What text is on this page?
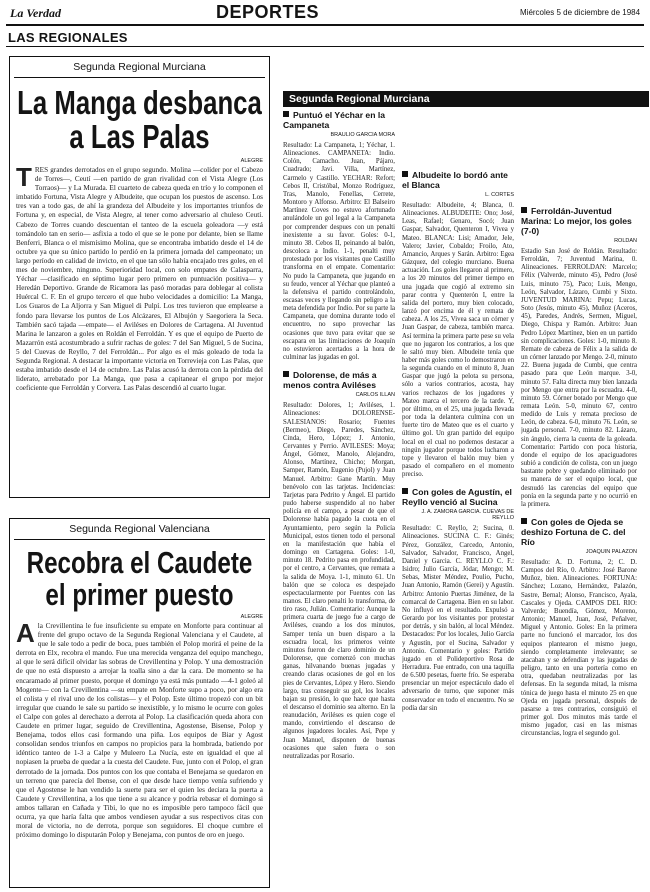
La Verdad	DEPORTES	Miércoles 5 de diciembre de 1984
LAS REGIONALES
Segunda Regional Murciana
La Manga desbanca
a Las Palas
ALEGRE
TRES grandes derrotados en el grupo segundo. Molina —colíder por el Cabezo de Torres—, Ceutí —en partido de gran rivalidad con el Vista Alegre (Los Torraos)— y La Murada. El cuarteto de cabeza queda en trío y lo componen el imbatido Fortuna, Vista Alegre y Albudeite, que ocupan los puestos de ascenso. Los tres van a todo gas, de ahí la grandeza del Albudeite y los importantes triunfos de Fortuna y, en especial, de Vista Alegre, al tener como adversario al chuleso Ceutí. Cabezo de Torres cuando descuentan el tanteo de la escuela goleadora —y está tomándolo tan en serio— asfixia a todo el que se le pone por delante, bien se llame Benferri, Blanca o el mismísimo Molina, que se encontraba imbatido desde el 14 de octubre ya que su único partido lo perdió en la primera jornada del campeonato; un largo período en calidad de invicto, en el que tan sólo había encajado tres goles, en el mes de noviembre, ninguno. Superioridad local, con solo empates de Calasparra, Yéchar —clasificado en séptimo lugar pero primero en puntuación positiva— y Heredán Deportivo. Grande de Ricamora las pasó moradas para doblegar al colista Huércal C. F. En el grupo tercero el que hubo velocidades a domicilio: La Manga, Los Guaros de La Aljorra y San Miguel di Pulpí. Los tres tuvieron que emplearse a fondo para llevarse los puntos de Los Alcázares, El Albujón y Saegoriera la Seca. También sacó tajada —empate— el Aviléses en Dolores de Cartagena. Al Juventud Marina le lanzaron a goles en Roldán el Ferroldán. Y es que el equipo de Puerto de Mazarrón está acostumbrado a sufrir rachas de goles: 7 del San Miguel, 5 de Sucina, 5 del Cuevas de Reyllo, 7 del Ferroldán... Por algo es el más goleado de toda la Segunda Regional. A destacar la importante victoria en Torrevieja con Las Palas, que estaba imbatido desde el 14 de octubre. Las Palas acusó la derrota con la pérdida del liderato, arrebatado por La Manga, que pasa a capitanear el grupo por mejor coeficiente que Ferroldán y Corvera. Las Palas descendió al cuarto lugar.
Segunda Regional Valenciana
Recobra el Caudete
el primer puesto
ALEGRE
Ala Crevillentina le fue insuficiente su empate en Monforte para continuar al frente del grupo octavo de la Segunda Regional Valenciana y el Caudete, al que le sale todo a pedir de boca, pues también el Polop morirá el peine de la derrota en Elx, recobra el mando. Fue una merecida venganza del equipo manchego, al que le será difícil olvidar las sobras de Crevillentina y Polop. Y una demostración de que no está dispuesto a arrojar la toalla sino a dar la cara. De momento se ha encaramado al primer puesto, porque el domingo ya está más puntado —4-1 goleó al Mogente— con la Crevillentina —su empate en Monforte supo a poco, por algo era el colista y el rival uno de los colistas— y el Polop. Este último tropezó con un bit irregular que cuando le sale su partido se inexistible, y lo mismo le ocurre con goles el Calpe con goles al derechazo a derrota al Polop. La clasificación queda ahora con Caudete en primer lugar, seguido de Crevillentina, Agostense, Bisense, Polop y Benejama, todos ellos casi formando una piña. Los equipos de Biar y Agost consolidan sendos triunfos en campos no propicios para la hombrada, batiendo por idéntico tanteo de 1-3 a Calpe y Muleero La Nucía, este en igualdad el que al nopiasen la prueba de quedar a la cuesta del Caudete. Fue, junto con el Polop, el gran derrotado de la jornada. Dos puntos con los que contaba el Benejama se quedaron en un terreno que parecía del Ibense, con el que desde hace tiempo venía sufriendo y que el Agostense le han vendido la suerte para ser el quien les deciara la puerta a Caudete y Crevillentina, a los que tiene a su alcance y podría rebasar el domingo si ambos tallaran en Cañada y Tibi, lo que no es imposible pero tampoco fácil que ocurra, ya que haría falta que ambos vendiesen ayudar a sus respectivos citas con moral de victoria, no de derrota, porque son seguidores. El choque cumbre el próximo domingo lo disputarán Polop y Benejama, con puntos de oro en juego.
Segunda Regional Murciana
Puntuó el Yéchar en la Campaneta
BRAULIO GARCIA MORA
Resultado: La Campaneta, 1; Yéchar, 1. Alineaciones. CAMPANETA: Indio. Colón, Camacho. Juan, Pájaro, Cuadrado; Javi. Villa, Martínez, Carmelo y Castillo. YECHAR: Refort; Cebos II, Cristóbal, Monzo Rodríguez, Tras, Manolo, Fenellas, Cerrete, Montoro y Alfonso. Arbitro: El Balseiro Martínez Coves no estuvo afortunado anulándole un gol legal a la Campaneta por comprender despues con un penalti inexistente a su favor. Goles: 0-1, minuto 38. Cebos II, peinando al balón, descoloca a Indio. 1-1, penalti muy protestado por los visitantes que Castillo transforma en el empate. Comentario: No pudo la Campaneta, que jugando en su feudo, vencer al Yéchar que planteó a la defensiva el partido controlándolo, escasas veces y llegando sin peligro a la meta defendida por Indio. Por su parte la Campaneta, que domina durante todo el encuentro, no supo provechar las ocasiones que tuvo para evitar que se escapara en las limitaciones de Joaquín no estuvieron acertados a la hora de culminar las jugadas en gol.
Dolorense, de más a menos contra Aviléses
CARLOS ILLAN
Resultado: Dolores, 1; Aviléses, 1. Alineaciones: DOLORENSE-SALESIANOS: Rosario; Fuentes (Bermeo), Diego, Paredes, Sánchez, Cinda, Hero, López; J. Antonio, Cervantes y Perrio. AVILESES: Moya; Ángel, Gómez, Manolo, Alejandro, Alonso, Martínez, Chicho; Morgan, Samper, Ramón, Eugenio (Pujol) y Juan Manuel. Arbitro: Gane Martín. Muy benévolo con las tarjetas. Incidencias: Tarjetas para Pedrito y Ángel. El partido pudo haberse suspendido al no haber policía en el campo, a pesar de que el Dolorense había pagado la cuota en el Ayuntamiento, pero según la Policía Municipal, estos tienen todo el personal en la manifestación que había el domingo en Cartagena. Goles: 1-0, minuto 18. Pedrito pasa en profundidad, por el centro, a Cervantes, que remata a la salida de Moya. 1-1, minuto 61. Un balón que se coloca es despejado espectacularmente por Fuentes con las manos. El claro penalti lo transforma, de tiro raso, Julián. Comentario: Aunque la primera cuarta de juego fue a cargo de Aviléses, cuando a los dos minutos, Samper tenía un buen disparo a la escuadra local, los primeros veinte minutos fueron de claro dominio de un Dolorense, que comenzó con muchas ganas, hilvanando buenas jugadas y creando claras ocasiones de gol en los pies de Cervantes, López y Hero. Siendo largo, tras conseguir su gol, los locales bajan su presión, lo que hace que hasta el descanso el dominio sea alterno. En la reanudación, Aviléses es quien coge el mando, convirtiendo el descanso de algunos jugadores locales. Así, Pepe y Juan Manuel, disponen de buenas ocasiones que salen fuera o son neutralizadas por Rosario.
Albudeite lo bordó ante el Blanca
L. CORTES
Resultado: Albudeite, 4; Blanca, 0. Alineaciones. ALBUDEITE: Ono; José, Leas, Rafael; Genaro, Socó; Juan Gaspar, Salvador, Quenteron I, Vivea y Mateo. BLANCA: Lisi; Amador, Jele, Valero; Javier, Cobaldo; Froilo, Ato, Amancio, Arques y Sarán. Arbitro: Egea Gázquez, del colegio murciano. Buena actuación. Los goles llegaron al primero, a los 20 minutos del primer tiempo en una jugada que cogió al extremo sin parar contra y Quenterón I, entre la salida del portero, muy bien colocado, lanzó por encima de él y remata de cabeza. A los 25, Vivea saca un córner y Juan Gaspar, de cabeza, también marca. Así termina la primera parte pese su vela que no jugaron los contrarios, a los que le saltó muy bien. Albudeite tenía que haber más goles como lo demostraron en la segunda cuando en el minuto 8, Juan Gaspar que jugó la pelota su persona, sólo a varios contrarios, acosta, hay varios rechazos de los jugadores y Mateo marca el tercero de la tarde. Y, por último, en el 25, una jugada llevada por toda la delantera culmina con un fuerte tiro de Mateo que es el cuarto y último gol. Un gran partido del equipo local en el cual no podemos destacar a ningún jugador porque todos lucharon a tope y llevaron el balón muy bien y pasado el compañero en el momento preciso.
Con goles de Agustín, el Reyllo venció al Sucina
J. A. ZAMORA GARCIA. CUEVAS DE REYLLO
Resultado: C. Reyllo, 2; Sucina, 0. Alineaciones. SUCINA C. F.: Ginés; Pérez, González, Carcedo, Antonio, Salvador, Salvador, Francisco, Angel, Daniel y Garcia. C. REYLLO C. F.: Isidro; Julio García, Jódar, Mengo; M. Sebas, Mister Méndez, Poulio, Pucho, Juan Antonio, Ramón (Gerei) y Agustín. Arbitro: Antonio Puertas Jiménez, de la comarcal de Cartagena. Bien en su labor. No influyó en el resultado. Expulsó a Gerardo por los visitantes por protestar por detrás, y sin balón, al local Méndez. Destacados: Por los locales, Julio García y Agustín, por el Sucina, Salvador y Antonio. Comentario y goles: Partido jugado en el Polideportivo Rosa de Herradura. Fue entrado, con una taquilla de 6.500 pesetas, fuerte frío. Se esperaba presenciar un mejor espectáculo dado el adversario de turno, que suponer más conservador en todo el encuentro. No se podía dar sin
Ferroldán-Juventud Marina: Lo mejor, los goles (7-0)
ROLDAN
Estadio San José de Roldán. Resultado: Ferroldán, 7; Juventud Marina, 0. Alineaciones. FERROLDAN: Marcelo; Félix (Valverde, minuto 45), Pedro (José Luis, minuto 75), Paco; Luis, Mengo, León, Salvador, Lázaro, Cumbi y Sixto. JUVENTUD MARINA: Pepu; Lucas, Soto (Jesús, minuto 45), Muñoz (Aceros, 45), Paredes, Andrés, Sermen, Miguel, Diego, Chispa y Ramón. Arbitro: Juan Pedro López Martínez, bien en un partido sin complicaciones. Goles: 1-0, minuto 8. Remate de cabeza de Félix a la salida de un córner lanzado por Mengo. 2-0, minuto 22. Buena jugada de Cumbi, que centra pasado para que León marque. 3-0, minuto 57. Falta directa muy bien lanzada por Mengo que entra por la escuadra. 4-0, minuto 59. Córner botado por Mengo que remata León. 5-0, minuto 67, centro medido de Luis y remata precioso de León, de cabeza. 6-0, minuto 76. León, se jugada personal. 7-0, minuto 82. Lázaro, sin ángulo, cierra la cuenta de la goleada. Comentario: Partido con poca historia, donde el equipo de los apaciguadores subió a condición de colista, con un juego bastante pobre y quedando eliminado por su manera de ser el equipo local, que desnudó las carencias del equipo que ponía en la segunda parte y no ocurrió en la primera.
Con goles de Ojeda se deshizo Fortuna de C. del Río
JOAQUIN PALAZON
Resultado: A. D. Fortuna, 2; C. D. Campos del Río, 0. Arbitro: José Barone Muñoz, bien. Alineaciones. FORTUNA: Sánchez; Lozano, Hernández, Palazón, Sastre, Bernal; Alonso, Francisco, Ayala, Cascales y Ojeda. CAMPOS DEL RIO: Valverde; Buendía, Gómez, Moreno, Antonio; Manuel, Juan, José, Peñalver, Miguel y Antonio. Goles: En la primera parte no funcionó el marcador, los dos equipos plantearon el mismo juego, siendo completamente irrelevante; se atacaban y se defendían y las jugadas de peligro, tanto en una portería como en otra, quedaban neutralizadas por las defensas. En la segunda mitad, la misma tónica de juego hasta el minuto 25 en que Ojeda en jugada personal, después de pasarse a tres contrarios, consiguió el primer gol. Dos minutos más tarde el mismo jugador, casi en las mismas circunstancias, logra el segundo gol.
